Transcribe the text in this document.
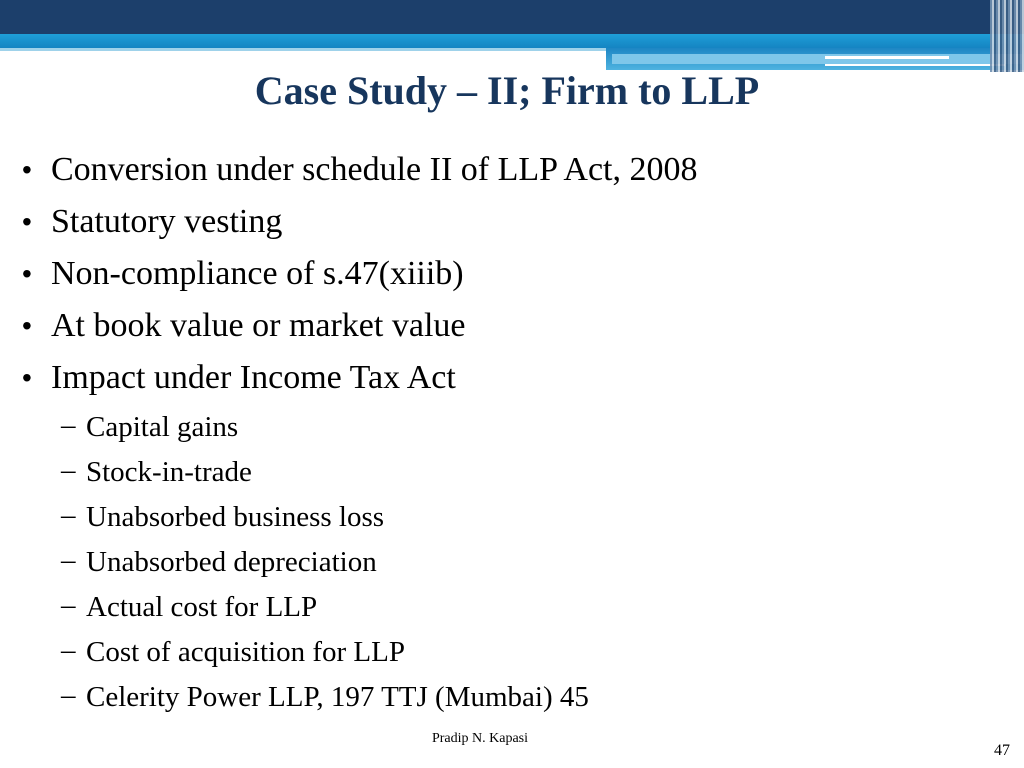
Case Study – II; Firm to LLP
• Conversion under schedule II of LLP Act, 2008
• Statutory vesting
• Non-compliance of s.47(xiiib)
• At book value or market value
• Impact under Income Tax Act
– Capital gains
– Stock-in-trade
– Unabsorbed business loss
– Unabsorbed depreciation
– Actual cost for LLP
– Cost of acquisition for LLP
– Celerity Power LLP, 197 TTJ (Mumbai) 45
Pradip N. Kapasi
47
